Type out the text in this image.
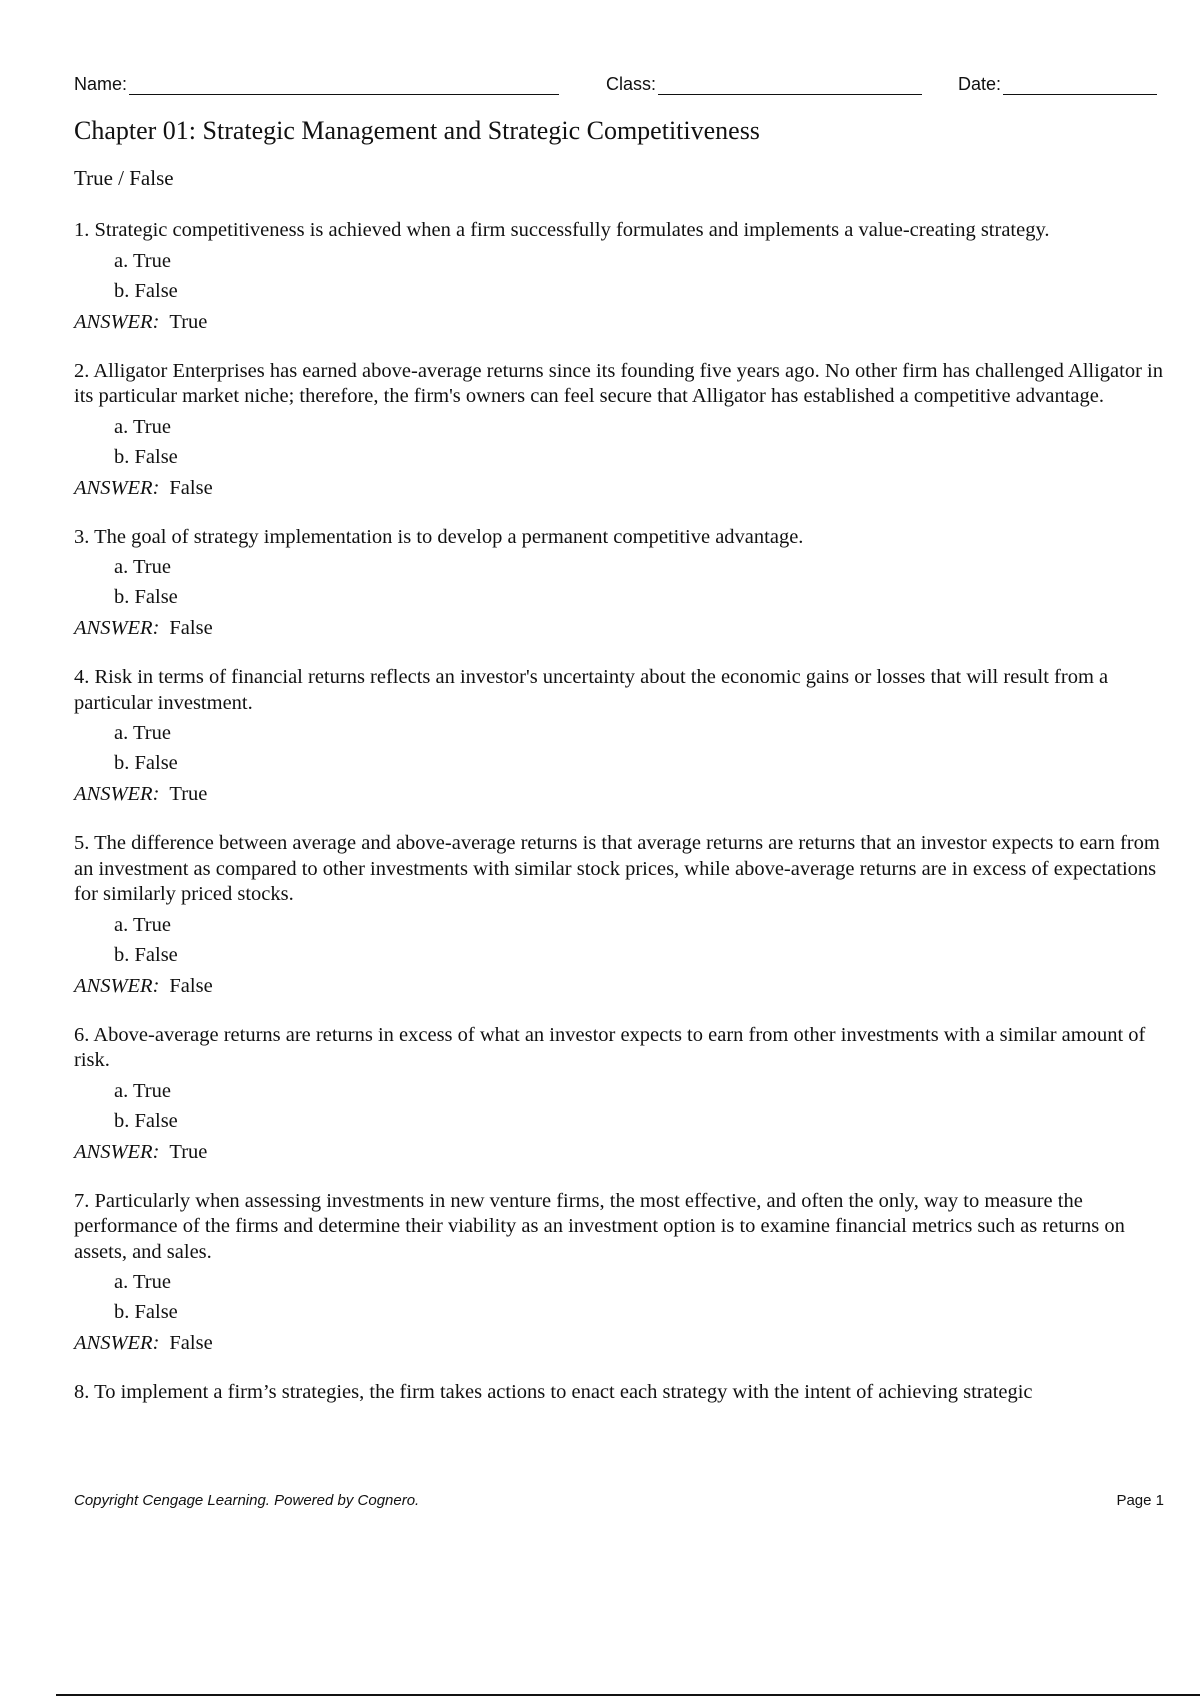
Name:	Class:	Date:
Chapter 01: Strategic Management and Strategic Competitiveness
True / False

1. Strategic competitiveness is achieved when a firm successfully formulates and implements a value-creating strategy.

a. True
b. False
ANSWER: True

2. Alligator Enterprises has earned above-average returns since its founding five years ago. No other firm has challenged Alligator in its particular market niche; therefore, the firm's owners can feel secure that Alligator has established a competitive advantage.

a. True
b. False
ANSWER: False

3. The goal of strategy implementation is to develop a permanent competitive advantage.

a. True
b. False
ANSWER: False

4. Risk in terms of financial returns reflects an investor's uncertainty about the economic gains or losses that will result from a particular investment.

a. True
b. False
ANSWER: True

5. The difference between average and above-average returns is that average returns are returns that an investor expects to earn from an investment as compared to other investments with similar stock prices, while above-average returns are in excess of expectations for similarly priced stocks.

a. True
b. False
ANSWER: False

6. Above-average returns are returns in excess of what an investor expects to earn from other investments with a similar amount of risk.

a. True
b. False
ANSWER: True

7. Particularly when assessing investments in new venture firms, the most effective, and often the only, way to measure the performance of the firms and determine their viability as an investment option is to examine financial metrics such as returns on assets, and sales.

a. True
b. False
ANSWER: False

8. To implement a firm’s strategies, the firm takes actions to enact each strategy with the intent of achieving strategic

Copyright Cengage Learning. Powered by Cognero.	Page 1
